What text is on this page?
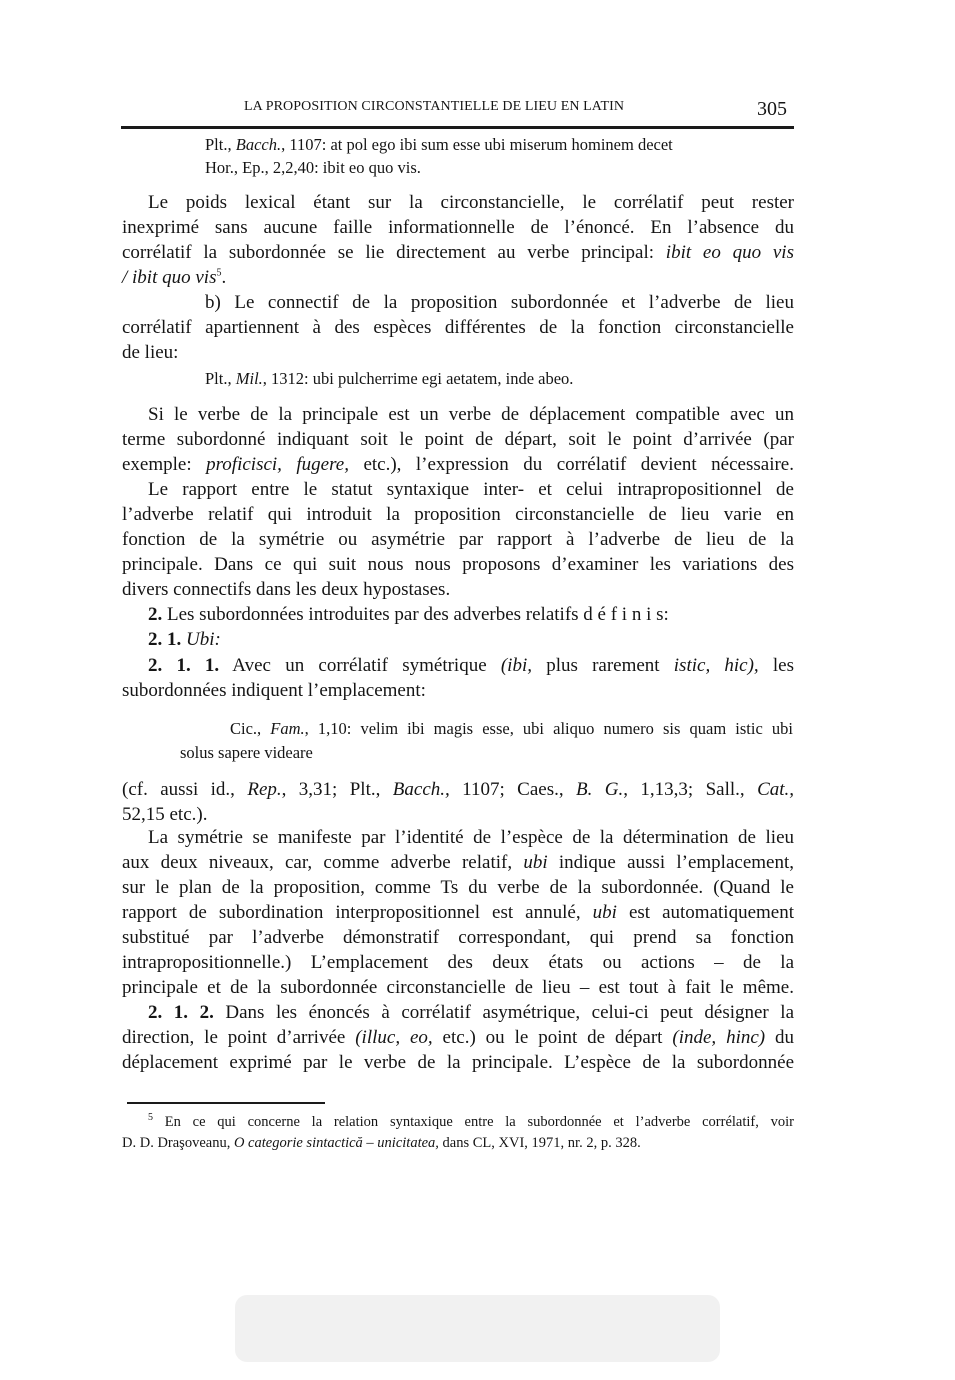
LA PROPOSITION CIRCONSTANTIELLE DE LIEU EN LATIN	305
Plt., Bacch., 1107: at pol ego ibi sum esse ubi miserum hominem decet
Hor., Ep., 2,2,40: ibit eo quo vis.
Le poids lexical étant sur la circonstancielle, le corrélatif peut rester
inexprimé sans aucune faille informationnelle de l’énoncé. En l’absence du
corrélatif la subordonnée se lie directement au verbe principal: ibit eo quo vis
/ ibit quo vis$^5$.
b) Le connectif de la proposition subordonnée et l’adverbe de lieu
corrélatif apartiennent à des espèces différentes de la fonction circonstancielle
de lieu:
Plt., Mil., 1312: ubi pulcherrime egi aetatem, inde abeo.
Si le verbe de la principale est un verbe de déplacement compatible avec un
terme subordonné indiquant soit le point de départ, soit le point d’arrivée (par
exemple: proficisci, fugere, etc.), l’expression du corrélatif devient nécessaire.
Le rapport entre le statut syntaxique inter- et celui intrapropositionnel de
l’adverbe relatif qui introduit la proposition circonstancielle de lieu varie en
fonction de la symétrie ou asymétrie par rapport à l’adverbe de lieu de la
principale. Dans ce qui suit nous nous proposons d’examiner les variations des
divers connectifs dans les deux hypostases.
2. Les subordonnées introduites par des adverbes relatifs d é f i n i s:
2. 1. Ubi:
2. 1. 1. Avec un corrélatif symétrique (ibi, plus rarement istic, hic), les
subordonnées indiquent l’emplacement:
Cic., Fam., 1,10: velim ibi magis esse, ubi aliquo numero sis quam istic ubi
solus sapere videare
(cf. aussi id., Rep., 3,31; Plt., Bacch., 1107; Caes., B. G., 1,13,3; Sall., Cat.,
52,15 etc.).
La symétrie se manifeste par l’identité de l’espèce de la détermination de lieu
aux deux niveaux, car, comme adverbe relatif, ubi indique aussi l’emplacement,
sur le plan de la proposition, comme Ts du verbe de la subordonnée. (Quand le
rapport de subordination interpropositionnel est annulé, ubi est automatiquement
substitué par l’adverbe démonstratif correspondant, qui prend sa fonction
intrapropositionnelle.) L’emplacement des deux états ou actions – de la
principale et de la subordonnée circonstancielle de lieu – est tout à fait le même.
2. 1. 2. Dans les énoncés à corrélatif asymétrique, celui-ci peut désigner la
direction, le point d’arrivée (illuc, eo, etc.) ou le point de départ (inde, hinc) du
déplacement exprimé par le verbe de la principale. L’espèce de la subordonnée
$^5$ En ce qui concerne la relation syntaxique entre la subordonnée et l’adverbe corrélatif, voir
D. D. Draşoveanu, O categorie sintactică – unicitatea, dans CL, XVI, 1971, nr. 2, p. 328.
